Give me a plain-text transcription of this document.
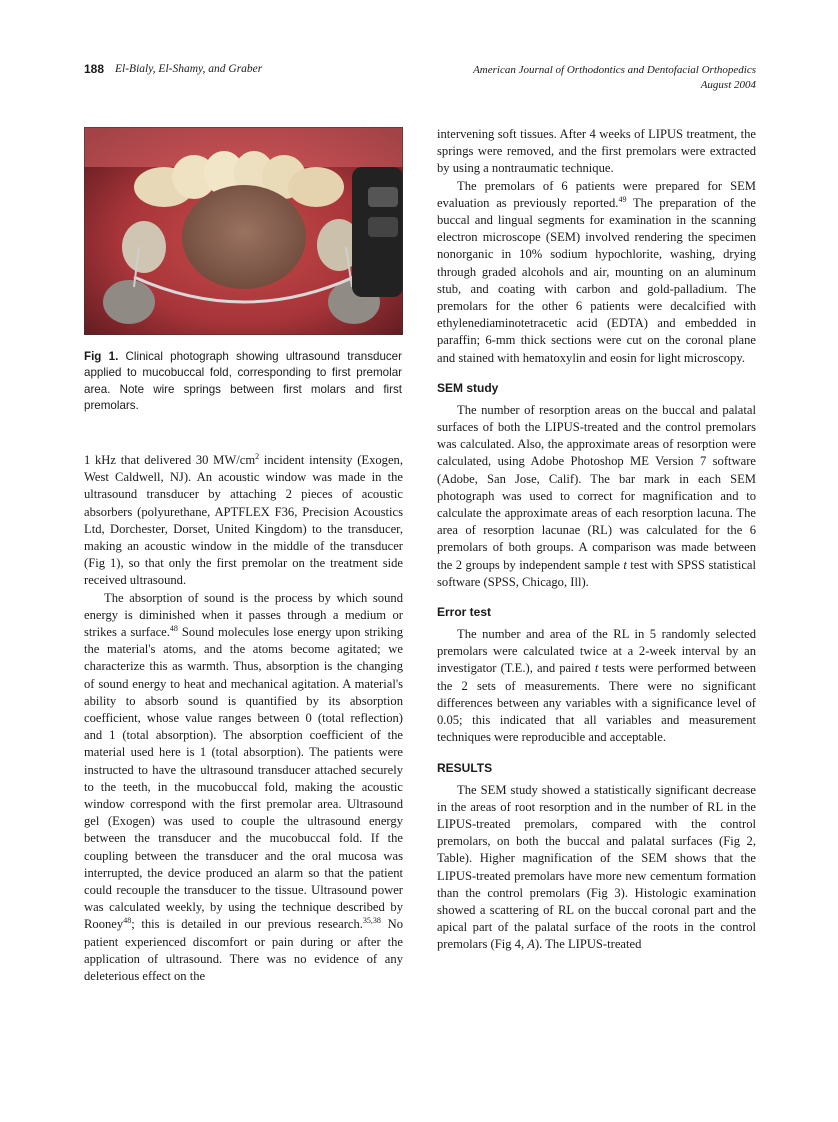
188 El-Bialy, El-Shamy, and Graber	American Journal of Orthodontics and Dentofacial Orthopedics
August 2004
Fig 1. Clinical photograph showing ultrasound transducer applied to mucobuccal fold, corresponding to first premolar area. Note wire springs between first molars and first premolars.

1 kHz that delivered 30 $MW/cm^2$ incident intensity (Exogen, West Caldwell, NJ). An acoustic window was made in the ultrasound transducer by attaching 2 pieces of acoustic absorbers (polyurethane, APTFLEX F36, Precision Acoustics Ltd, Dorchester, Dorset, United Kingdom) to the transducer, making an acoustic window in the middle of the transducer (Fig 1), so that only the first premolar on the treatment side received ultrasound.

The absorption of sound is the process by which sound energy is diminished when it passes through a medium or strikes a surface.$^{48}$ Sound molecules lose energy upon striking the material's atoms, and the atoms become agitated; we characterize this as warmth. Thus, absorption is the changing of sound energy to heat and mechanical agitation. A material's ability to absorb sound is quantified by its absorption coefficient, whose value ranges between 0 (total reflection) and 1 (total absorption). The absorption coefficient of the material used here is 1 (total absorption). The patients were instructed to have the ultrasound transducer attached securely to the teeth, in the mucobuccal fold, making the acoustic window correspond with the first premolar area. Ultrasound gel (Exogen) was used to couple the ultrasound energy between the transducer and the mucobuccal fold. If the coupling between the transducer and the oral mucosa was interrupted, the device produced an alarm so that the patient could recouple the transducer to the tissue. Ultrasound power was calculated weekly, by using the technique described by Rooney$^{48}$; this is detailed in our previous research.$^{35,38}$ No patient experienced discomfort or pain during or after the application of ultrasound. There was no evidence of any deleterious effect on the

intervening soft tissues. After 4 weeks of LIPUS treatment, the springs were removed, and the first premolars were extracted by using a nontraumatic technique.

The premolars of 6 patients were prepared for SEM evaluation as previously reported.$^{49}$ The preparation of the buccal and lingual segments for examination in the scanning electron microscope (SEM) involved rendering the specimen nonorganic in 10% sodium hypochlorite, washing, drying through graded alcohols and air, mounting on an aluminum stub, and coating with carbon and gold-palladium. The premolars for the other 6 patients were decalcified with ethylenediaminotetracetic acid (EDTA) and embedded in paraffin; 6-mm thick sections were cut on the coronal plane and stained with hematoxylin and eosin for light microscopy.

SEM study

The number of resorption areas on the buccal and palatal surfaces of both the LIPUS-treated and the control premolars was calculated. Also, the approximate areas of resorption were calculated, using Adobe Photoshop ME Version 7 software (Adobe, San Jose, Calif). The bar mark in each SEM photograph was used to correct for magnification and to calculate the approximate areas of each resorption lacuna. The area of resorption lacunae (RL) was calculated for the 6 premolars of both groups. A comparison was made between the 2 groups by independent sample t test with SPSS statistical software (SPSS, Chicago, Ill).

Error test

The number and area of the RL in 5 randomly selected premolars were calculated twice at a 2-week interval by an investigator (T.E.), and paired t tests were performed between the 2 sets of measurements. There were no significant differences between any variables with a significance level of 0.05; this indicated that all variables and measurement techniques were reproducible and acceptable.

RESULTS

The SEM study showed a statistically significant decrease in the areas of root resorption and in the number of RL in the LIPUS-treated premolars, compared with the control premolars, on both the buccal and palatal surfaces (Fig 2, Table). Higher magnification of the SEM shows that the LIPUS-treated premolars have more new cementum formation than the control premolars (Fig 3). Histologic examination showed a scattering of RL on the buccal coronal part and the apical part of the palatal surface of the roots in the control premolars (Fig 4, A). The LIPUS-treated
